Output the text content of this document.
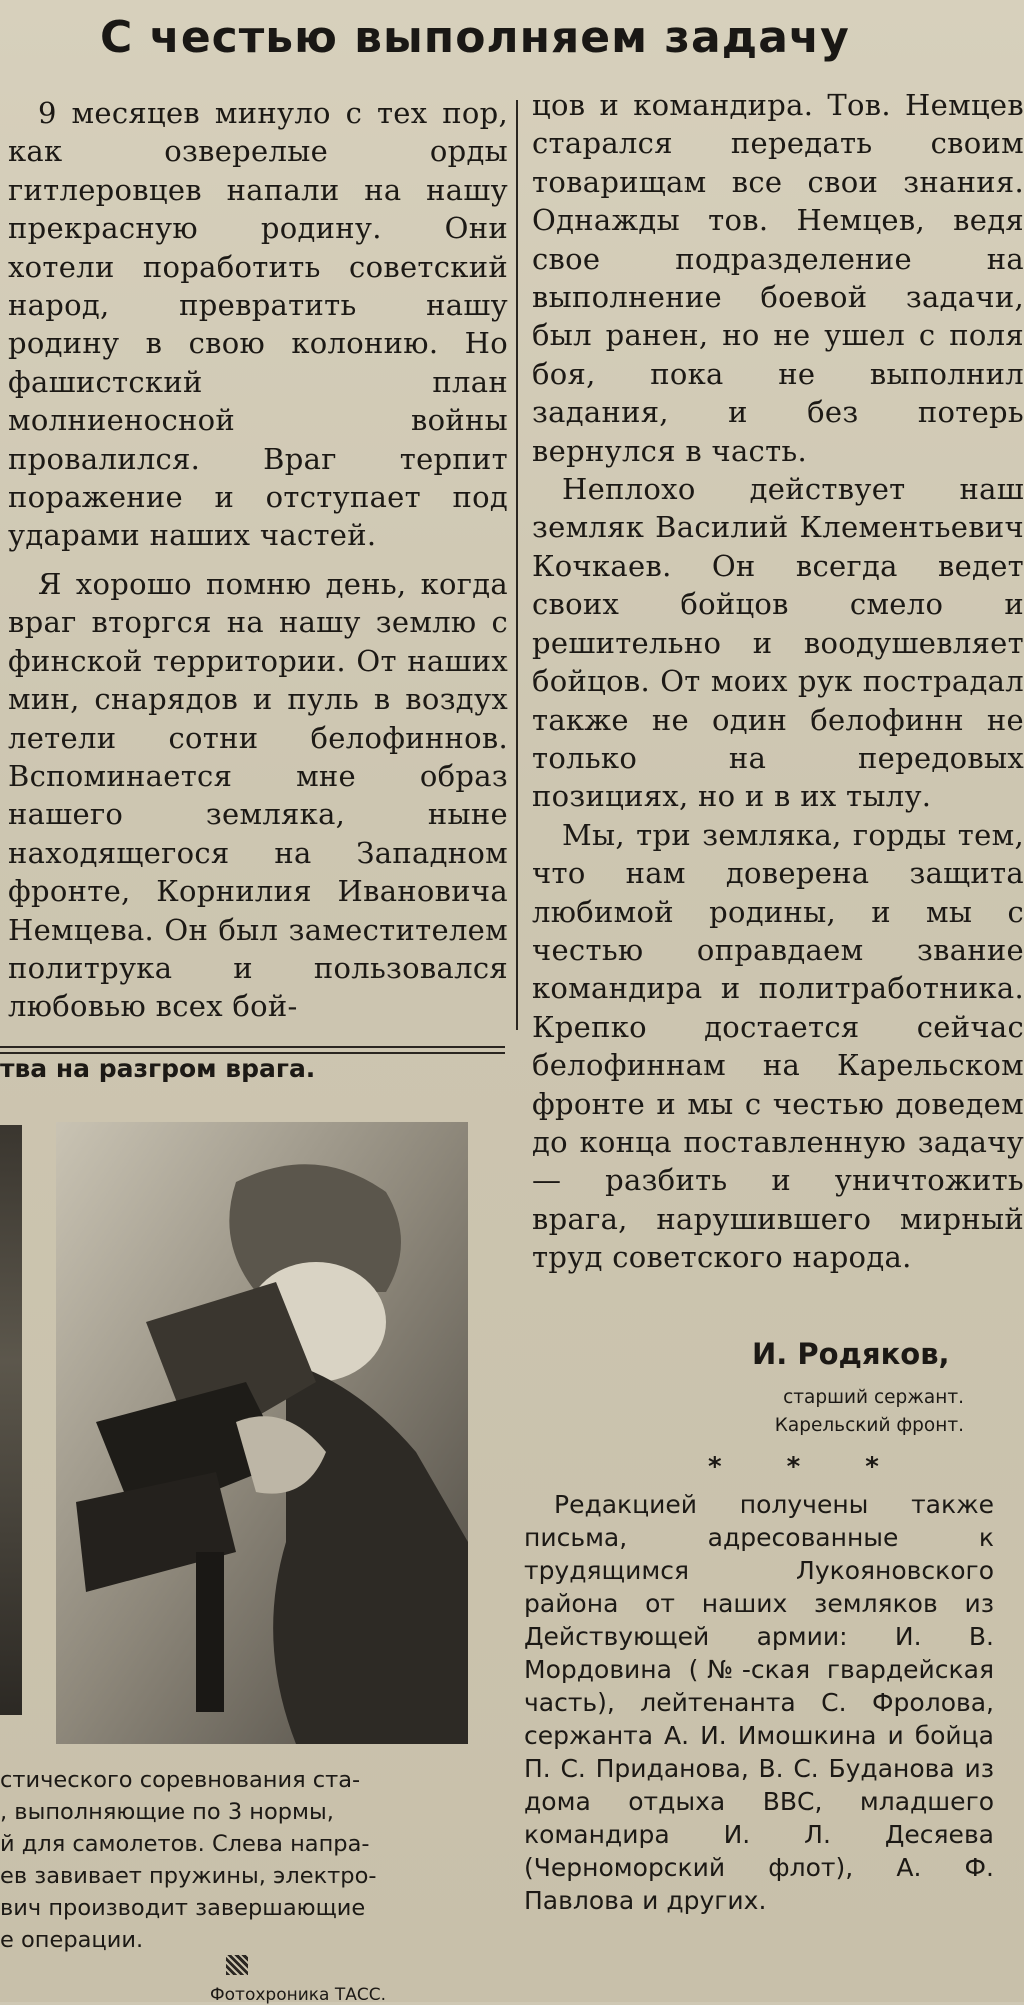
С честью выполняем задачу

9 месяцев минуло с тех пор, как озверелые орды гитлеровцев напали на нашу прекрасную родину. Они хотели поработить советский народ, превратить нашу родину в свою колонию. Но фашистский план молниеносной войны провалился. Враг терпит поражение и отступает под ударами наших частей.

Я хорошо помню день, когда враг вторгся на нашу землю с финской территории. От наших мин, снарядов и пуль в воздух летели сотни белофиннов. Вспоминается мне образ нашего земляка, ныне находящегося на Западном фронте, Корнилия Ивановича Немцева. Он был заместителем политрука и пользовался любовью всех бой-

цов и командира. Тов. Немцев старался передать своим товарищам все свои знания. Однажды тов. Немцев, ведя свое подразделение на выполнение боевой задачи, был ранен, но не ушел с поля боя, пока не выполнил задания, и без потерь вернулся в часть.

Неплохо действует наш земляк Василий Клементьевич Кочкаев. Он всегда ведет своих бойцов смело и решительно и воодушевляет бойцов. От моих рук пострадал также не один белофинн не только на передовых позициях, но и в их тылу.

Мы, три земляка, горды тем, что нам доверена защита любимой родины, и мы с честью оправдаем звание командира и политработника. Крепко достается сейчас белофиннам на Карельском фронте и мы с честью доведем до конца поставленную задачу — разбить и уничтожить врага, нарушившего мирный труд советского народа.

тва на разгром врага.
стического соревнования ста-
, выполняющие по 3 нормы,
й для самолетов. Слева напра-
ев завивает пружины, электро-
вич производит завершающие
е операции.
Фотохроника ТАСС.
И. Родяков,
старший сержант.
Карельский фронт.
* * *

Редакцией получены также письма, адресованные к трудящимся Лукояновского района от наших земляков из Действующей армии: И. В. Мордовина (№-ская гвардейская часть), лейтенанта С. Фролова, сержанта А. И. Имошкина и бойца П. С. Приданова, В. С. Буданова из дома отдыха ВВС, младшего командира И. Л. Десяева (Черноморский флот), А. Ф. Павлова и других.
